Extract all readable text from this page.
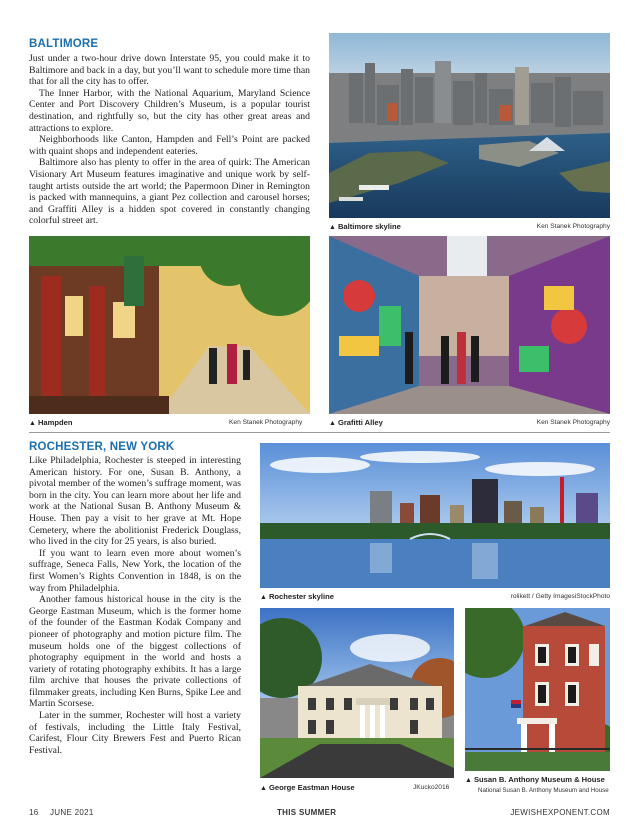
BALTIMORE

Just under a two-hour drive down Interstate 95, you could make it to Baltimore and back in a day, but you’ll want to schedule more time than that for all the city has to offer.

The Inner Harbor, with the National Aquarium, Maryland Science Center and Port Discovery Children’s Museum, is a popular tourist destination, and rightfully so, but the city has other great areas and attractions to explore.

Neighborhoods like Canton, Hampden and Fell’s Point are packed with quaint shops and independent eateries.

Baltimore also has plenty to offer in the area of quirk: The American Visionary Art Museum features imaginative and unique work by self-taught artists outside the art world; the Papermoon Diner in Remington is packed with mannequins, a giant Pez collection and carousel horses; and Graffiti Alley is a hidden spot covered in constantly changing colorful street art.

▲ Baltimore skyline	Ken Stanek Photography
▲ Hampden	Ken Stanek Photography	▲ Grafitti Alley	Ken Stanek Photography
ROCHESTER, NEW YORK

Like Philadelphia, Rochester is steeped in interesting American history. For one, Susan B. Anthony, a pivotal member of the women’s suffrage moment, was born in the city. You can learn more about her life and work at the National Susan B. Anthony Museum & House. Then pay a visit to her grave at Mt. Hope Cemetery, where the abolitionist Frederick Douglass, who lived in the city for 25 years, is also buried.

If you want to learn even more about women’s suffrage, Seneca Falls, New York, the location of the first Women’s Rights Convention in 1848, is on the way from Philadelphia.

Another famous historical house in the city is the George Eastman Museum, which is the former home of the founder of the Eastman Kodak Company and pioneer of photography and motion picture film. The museum holds one of the biggest collections of photography equipment in the world and hosts a variety of rotating photography exhibits. It has a large film archive that houses the private collections of filmmaker greats, including Ken Burns, Spike Lee and Martin Scorsese.

Later in the summer, Rochester will host a variety of festivals, including the Little Italy Festival, Carifest, Flour City Brewers Fest and Puerto Rican Festival.

▲ Rochester skyline	rolikett / Getty ImagesiStockPhoto
▲ George Eastman House	JKucko2016
▲ Susan B. Anthony Museum & House
National Susan B. Anthony Museum and House
16 JUNE 2021	THIS SUMMER	JEWISHEXPONENT.COM
